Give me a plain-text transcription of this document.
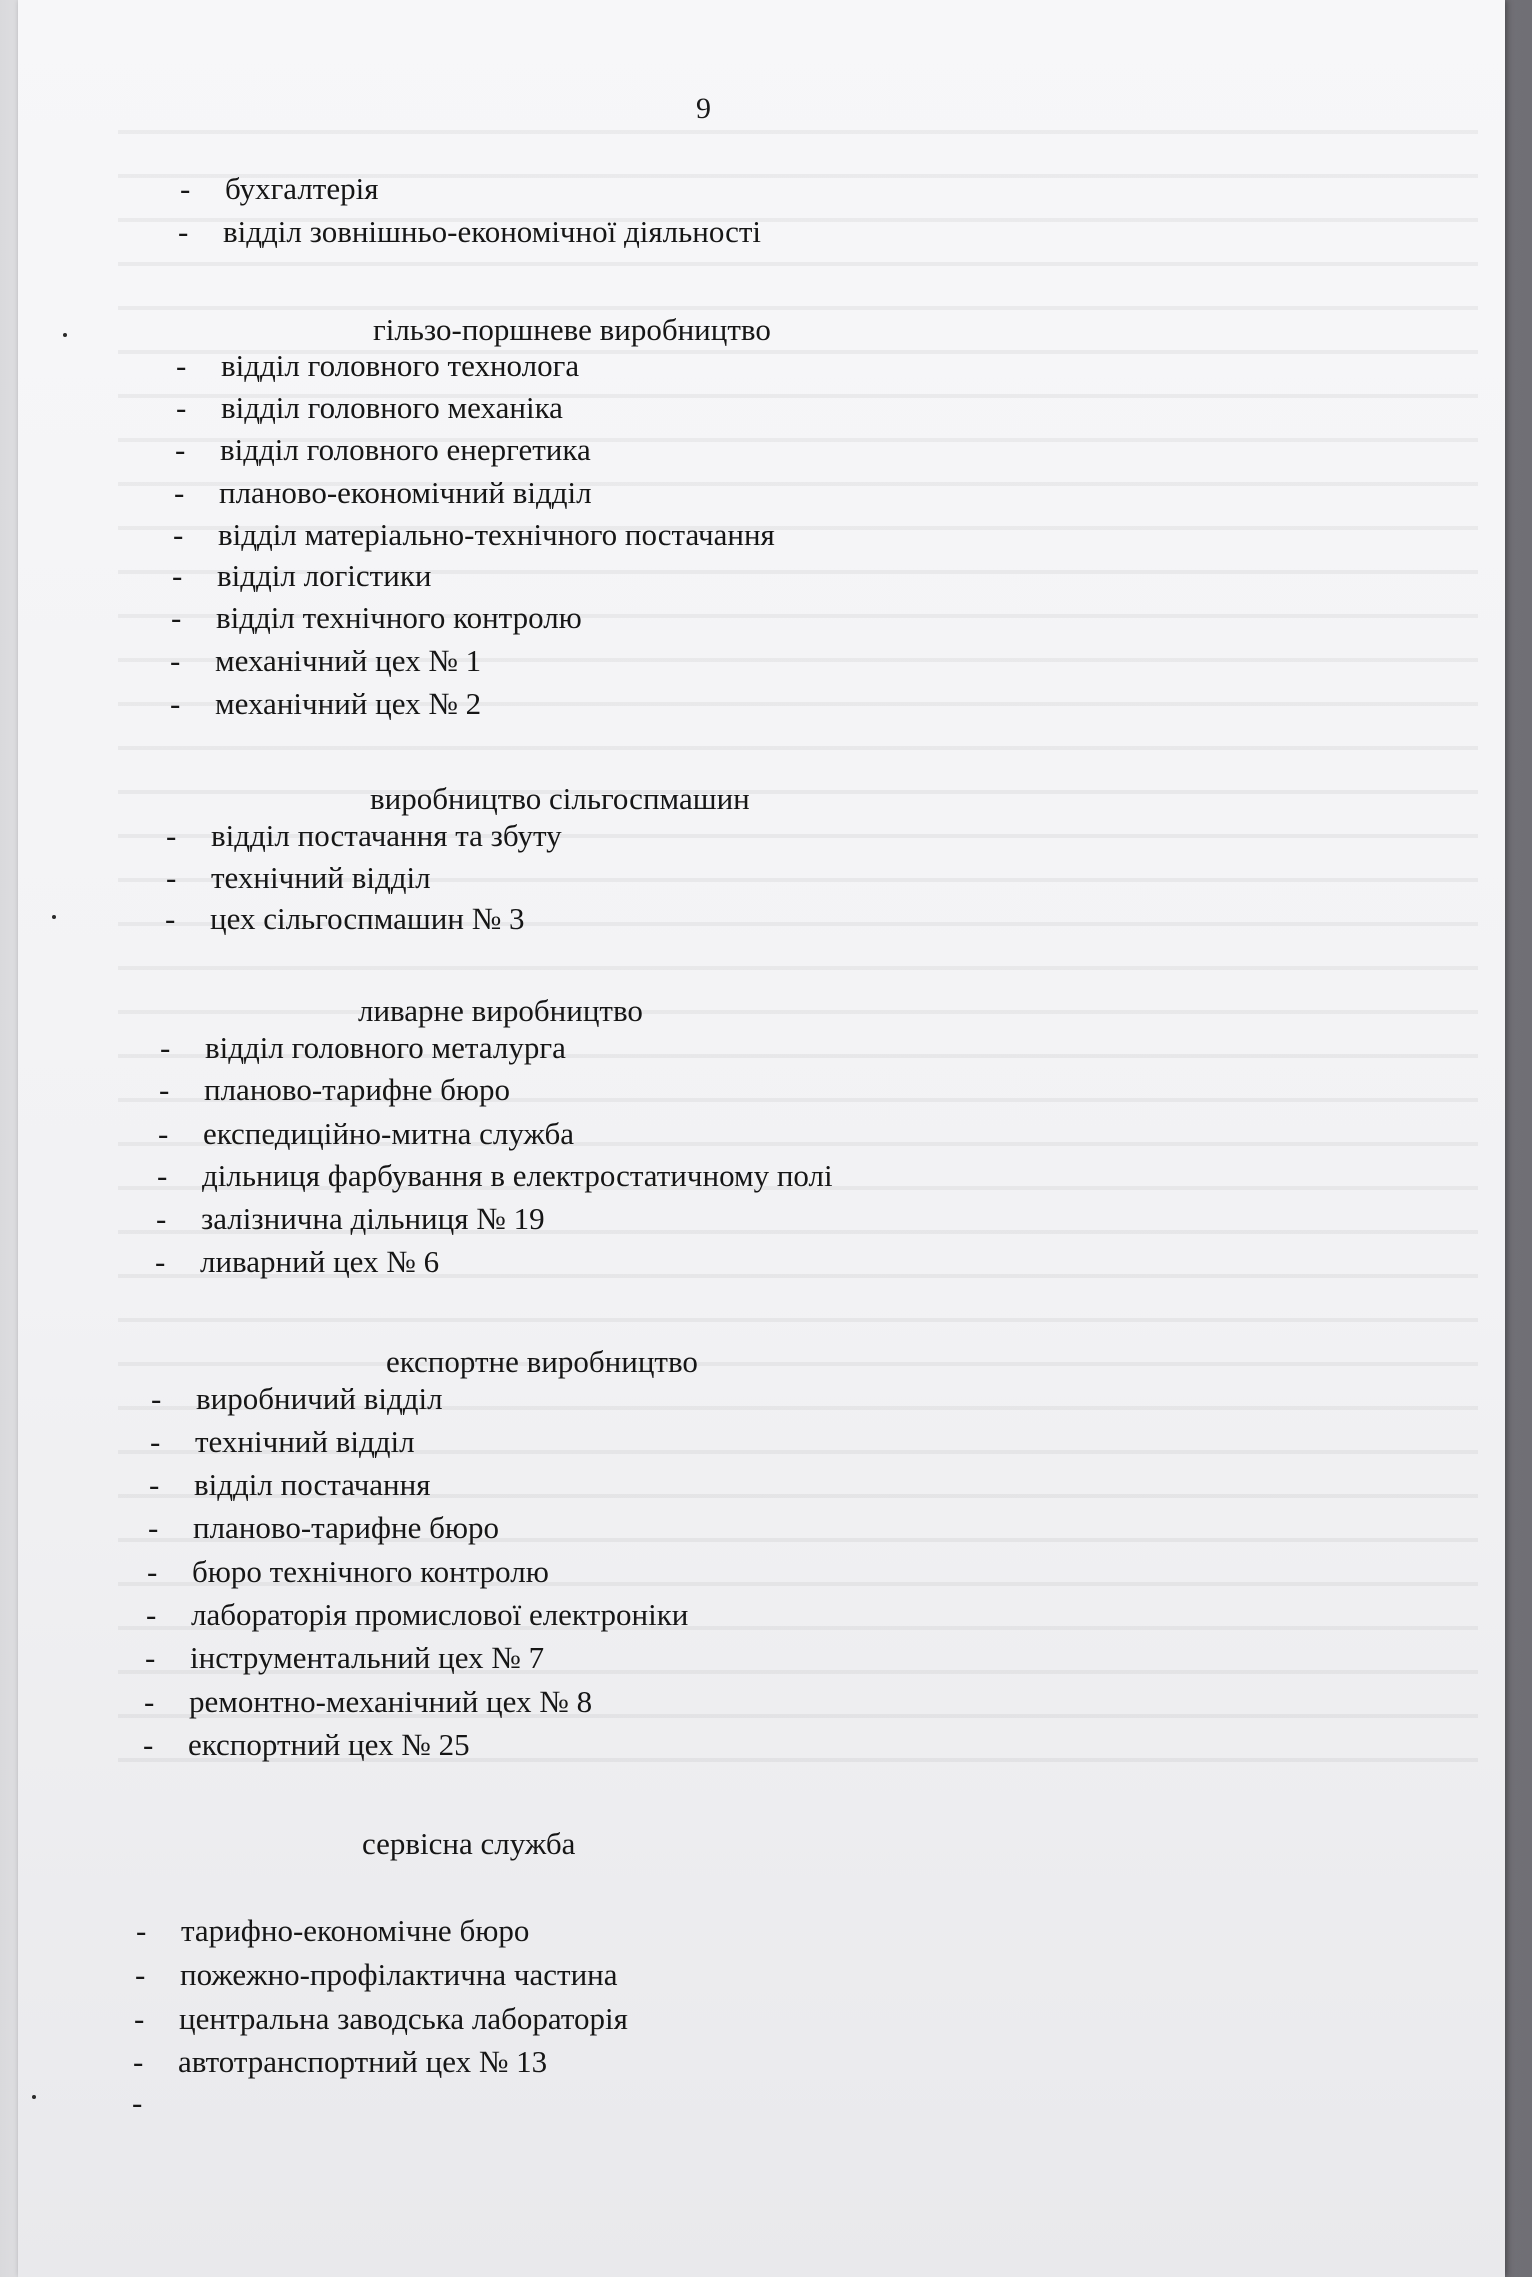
9
- бухгалтерія
- відділ зовнішньо-економічної діяльності
гільзо-поршневе виробництво
- відділ головного технолога
- відділ головного механіка
- відділ головного енергетика
- планово-економічний відділ
- відділ матеріально-технічного постачання
- відділ логістики
- відділ технічного контролю
- механічний цех № 1
- механічний цех № 2
виробництво сільгоспмашин
- відділ постачання та збуту
- технічний відділ
- цех сільгоспмашин № 3
ливарне виробництво
- відділ головного металурга
- планово-тарифне бюро
- експедиційно-митна служба
- дільниця фарбування в електростатичному полі
- залізнична дільниця № 19
- ливарний цех № 6
експортне виробництво
- виробничий відділ
- технічний відділ
- відділ постачання
- планово-тарифне бюро
- бюро технічного контролю
- лабораторія промислової електроніки
- інструментальний цех № 7
- ремонтно-механічний цех № 8
- експортний цех № 25
сервісна служба
- тарифно-економічне бюро
- пожежно-профілактична частина
- центральна заводська лабораторія
- автотранспортний цех № 13
-
